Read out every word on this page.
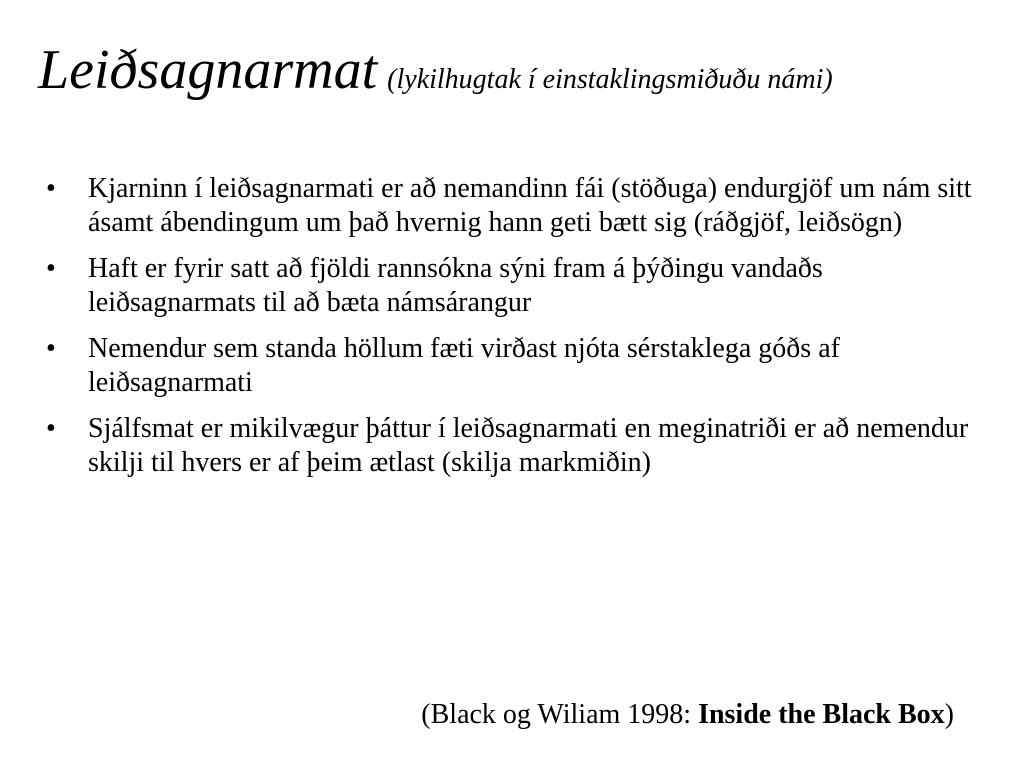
Leiðsagnarmat (lykilhugtak í einstaklingsmiðuðu námi)
•	Kjarninn í leiðsagnarmati er að nemandinn fái (stöðuga) endurgjöf um nám sitt ásamt ábendingum um það hvernig hann geti bætt sig (ráðgjöf, leiðsögn)
•	Haft er fyrir satt að fjöldi rannsókna sýni fram á þýðingu vandaðs leiðsagnarmats til að bæta námsárangur
•	Nemendur sem standa höllum fæti virðast njóta sérstaklega góðs af leiðsagnarmati
•	Sjálfsmat er mikilvægur þáttur í leiðsagnarmati en meginatriði er að nemendur skilji til hvers er af þeim ætlast (skilja markmiðin)
(Black og Wiliam 1998: Inside the Black Box)
